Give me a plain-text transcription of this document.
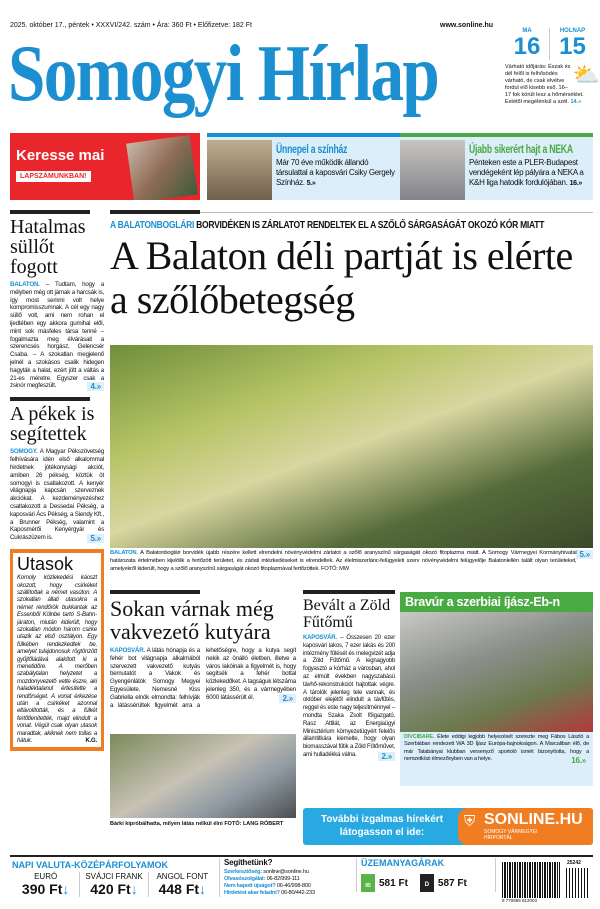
2025. október 17., péntek • XXXVI/242. szám • Ára: 360 Ft • Előfizetve: 182 Ft	www.sonline.hu
Somogyi Hírlap	MA
16
HOLNAP
15
⛅
Várható időjárás: Észak és dél felől is felhősödés várható, de csak elvétve fordul elő kisebb eső. 16–17 fok körüli lesz a hőmérséklet. Estétől megélénkül a szél. 14.»
Keresse mai
LAPSZÁMUNKBAN!
Ünnepel a színház
Már 70 éve működik állandó társulattal a kaposvári Csiky Gergely Színház. 5.»
Újabb sikerért hajt a NEKA
Pénteken este a PLER-Budapest vendégeként lép pályára a NEKA a K&H liga hatodik fordulójában. 16.»
Hatalmas süllőt fogott
BALATON. – Tudtam, hogy a mélyben még ott járnak a harcsák is, így most semmi volt helye kompromisszumnak. A cél egy nagy süllő volt, ami nem rohan el ijedtében egy akkora gumihal elől, mint sok másfeles társa tenné – fogalmazta meg élvárásait a szerencsés horgász, Gelencsér Csaba. – A szokatlan megjelenő jelnél a szokásos csalik hidegen hagyták a halat, ezért jött a váltás a 21-es méretre. Egyszer csak a zsinór megfeszült.	4.»
A pékek is segítettek
SOMOGY. A Magyar Pékszövetség felhívására idén első alkalommal hirdetnek jótékonysági akciót, amiben 26 pékség, köztük öt somogyi is csatlakozott. A kenyér világnapja kapcsán szerveznek akciókat. A kezdeményezéshez csatlakozott a Dessedai Pékség, a kaposvári Ács Pékség, a Siendy Kft., a Brunner Pékség, valamint a Kaposmérői Kenyérgyár és Cukrászüzem is.	5.»
Utasok
Komoly közlekedési káoszt okozott, hogy csirkéket szállítottak a német vasúton. A szokatlan állati utasokra a német rendőrök bukkantak az Essenből Kölnbe tartó S-Bahn-járaton, miután kiderült, hogy szokatlan módon három csirke utazik az első osztályon. Egy fülkében rendezkedtek be, amelyet tulajdonosuk rögtönzött gyűjtőládává alakított ki a menetidőre. A merőben szabálytalan helyzetet a mozdonyvezető vette észre, aki haladéktalanul értesítette a rendőrséget. A vonat érkezése után a csirkéket azonnal eltávolították, és a fülkét fertőtlenítették, majd elindult a vonat. Végül csak olyan utasok maradtak, akiknek nem tollas a hátuk.	K.G.
A BALATONBOGLÁRI BORVIDÉKEN IS ZÁRLATOT RENDELTEK EL A SZŐLŐ SÁRGASÁGÁT OKOZÓ KÓR MIATT
A Balaton déli partját is elérte a szőlőbetegség
5.»
BALATON. A Balatonboglári borvidék újabb részére kellett elrendelni növényvédelmi zárlatot a szőlő aranyszínű sárgaságát okozó fitoplazma miatt. A Somogy Vármegyei Kormányhivatal határozata értelmében kijelölik a fertőzött területet, és zárlati intézkedéseket is elrendeltek. Az élelmiszerlánc-felügyeleti szerv növényvédelmi felügyelője Balatonlellén talált olyan területeket, amelyekről kiderült, hogy a szőlő aranyszínű sárgaságát okozó fitoplazmával fertőzöttek. FOTÓ: MW
Sokan várnak még vakvezető kutyára
KAPOSVÁR. A látás hónapja és a fehér bot világnapja alkalmából szervezett vakvezető kutyás bemutatót a Vakok és Gyengénlátók Somogy Megyei Egyesülete. Nemesné Kiss Gabriella elnök elmondta: felhívják a látássérültek figyelmét arra a lehetőségre, hogy a kutya segít nekik az önálló életben, illetve a város lakóinak a figyelmét is, hogy segítsék a fehér bottal közlekedőket. A tagságuk létszáma jelenleg 350, és a vármegyében 6000 látássérült él.	2.»
Bárki kipróbálhatta, milyen látás nélkül élni FOTÓ: LANG RÓBERT
Bevált a Zöld Fűtőmű
KAPOSVÁR. – Összesen 20 ezer kaposvári lakos, 7 ezer lakás és 200 intézmény fűtését és melegvizét adja a Zöld Fűtőmű. A legnagyobb fogyasztó a kórház a városban, ahol az elmúlt években nagyszabású távhő-rekonstrukciót hajtottak végre. A tárolók jelenleg tele vannak, és október elejétől elindult a távfűtés, reggel és este nagy teljesítménnyel – mondta Szaka Zsolt főigazgató. Rasz Attilát, az Energiaügyi Minisztérium környezetügyért felelős államtitkára kiemelte, hogy olyan biomasszával fűtik a Zöld Fűtőművet, ami hulladékká válna.	2.»
Bravúr a szerbiai íjász-Eb-n
DIVCIBARE. Élete eddigi legjobb helyezését szerezte meg Fábos László a Szerbiában rendezett WA 3D Íjász Európa-bajnokságon. A Marcaliban élő, de már Tatabányai klubban versenyző sportoló ismét bizonyította, hogy a nemzetközi élmezőnyben van a helye.	16.»
További izgalmas hírekért
látogasson el ide:
⛨ SONLINE.HU
SOMOGY VÁRMEGYEI
HÍRPORTÁL
NAPI VALUTA-KÖZÉPÁRFOLYAMOK
EURÓ
390 Ft↓
SVÁJCI FRANK
420 Ft↓
ANGOL FONT
448 Ft↓
Segíthetünk?
Szerkesztőség: sonline@sonline.hu
Olvasószolgálat: 06-82/999-111
Nem kapott újságot? 06-46/998-800
Hirdetést akar feladni? 06-80/442-233
ÜZEMANYAGÁRAK
95 581 Ft	D 587 Ft
9 770865 912003
25242
